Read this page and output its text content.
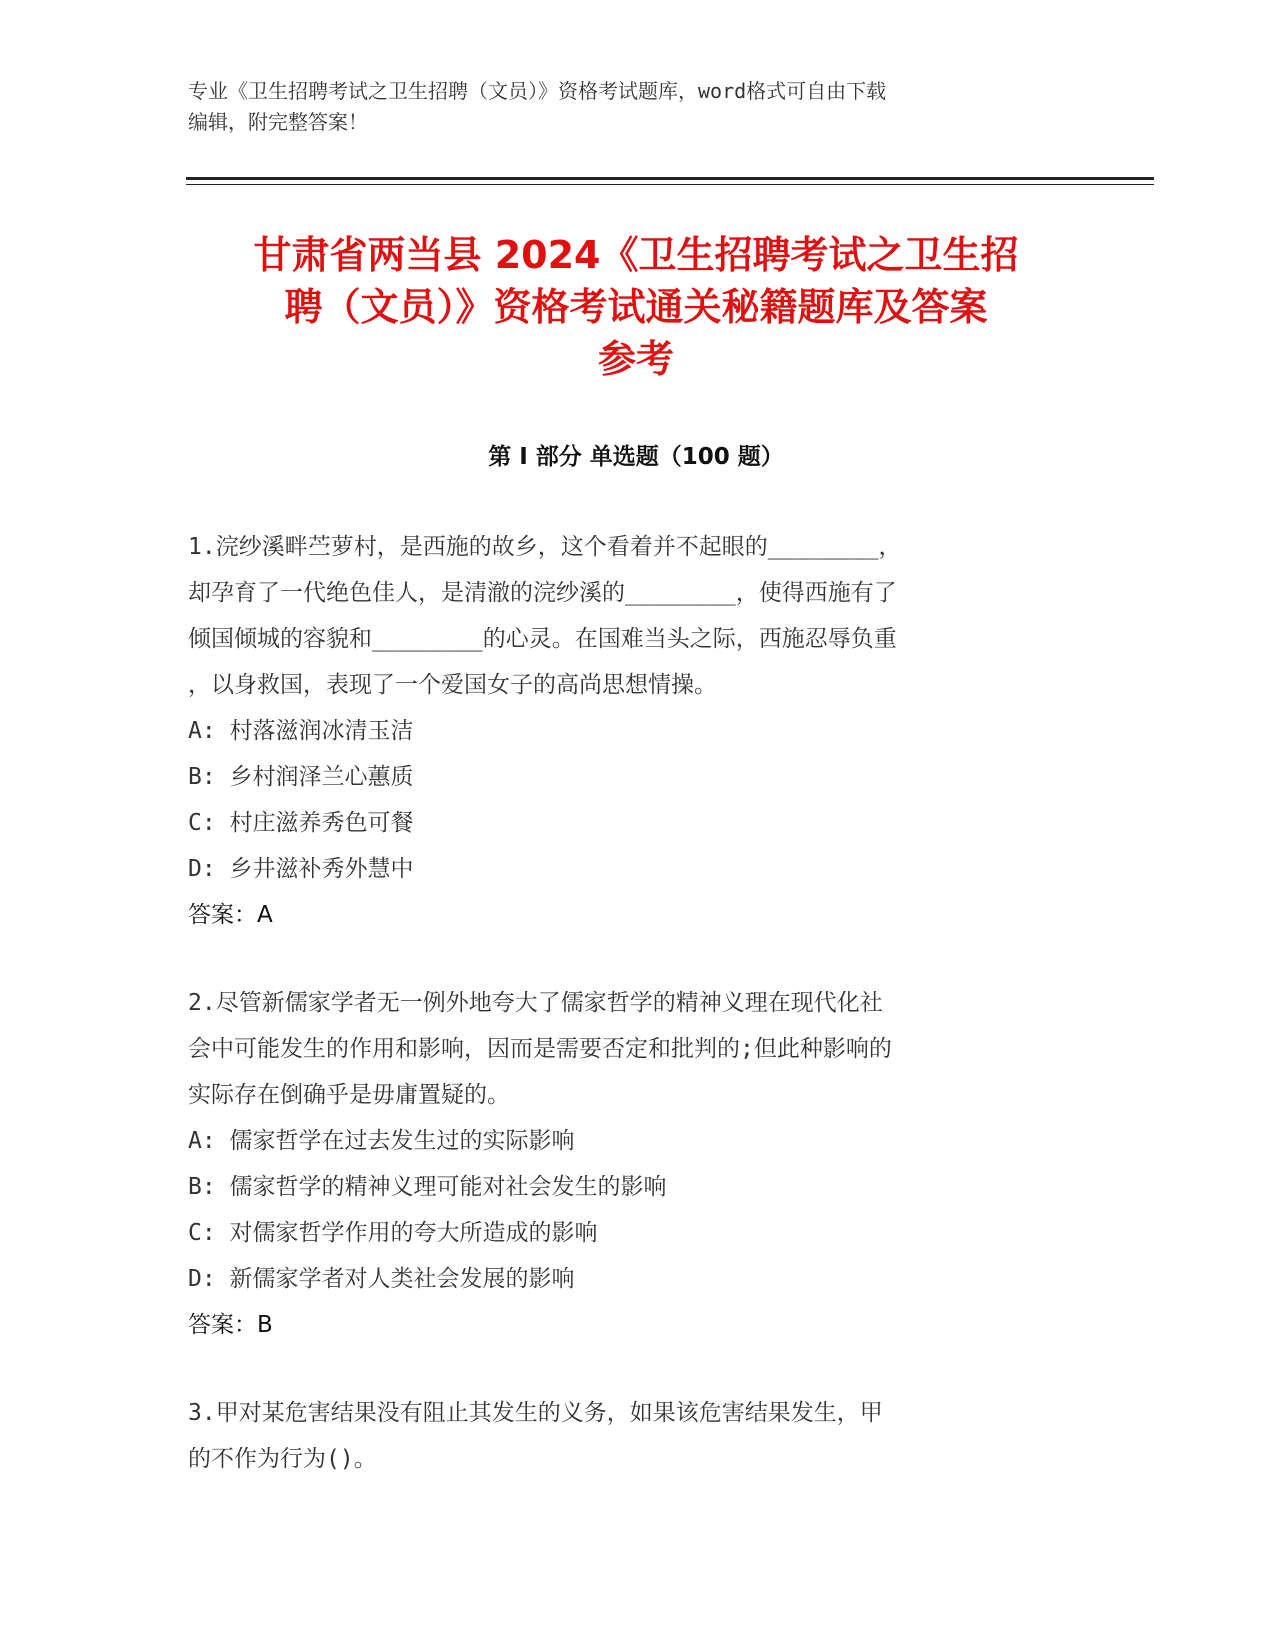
专业《卫生招聘考试之卫生招聘（文员）》资格考试题库，word格式可自由下载
编辑，附完整答案！
甘肃省两当县 2024《卫生招聘考试之卫生招
聘（文员）》资格考试通关秘籍题库及答案
参考
第 I 部分 单选题（100 题）
1.浣纱溪畔苎萝村，是西施的故乡，这个看着并不起眼的________，
却孕育了一代绝色佳人，是清澈的浣纱溪的________，使得西施有了
倾国倾城的容貌和________的心灵。在国难当头之际，西施忍辱负重
，以身救国，表现了一个爱国女子的高尚思想情操。
A: 村落滋润冰清玉洁
B: 乡村润泽兰心蕙质
C: 村庄滋养秀色可餐
D: 乡井滋补秀外慧中
答案：A
2.尽管新儒家学者无一例外地夸大了儒家哲学的精神义理在现代化社
会中可能发生的作用和影响，因而是需要否定和批判的;但此种影响的
实际存在倒确乎是毋庸置疑的。
A: 儒家哲学在过去发生过的实际影响
B: 儒家哲学的精神义理可能对社会发生的影响
C: 对儒家哲学作用的夸大所造成的影响
D: 新儒家学者对人类社会发展的影响
答案：B
3.甲对某危害结果没有阻止其发生的义务，如果该危害结果发生，甲
的不作为行为()。
